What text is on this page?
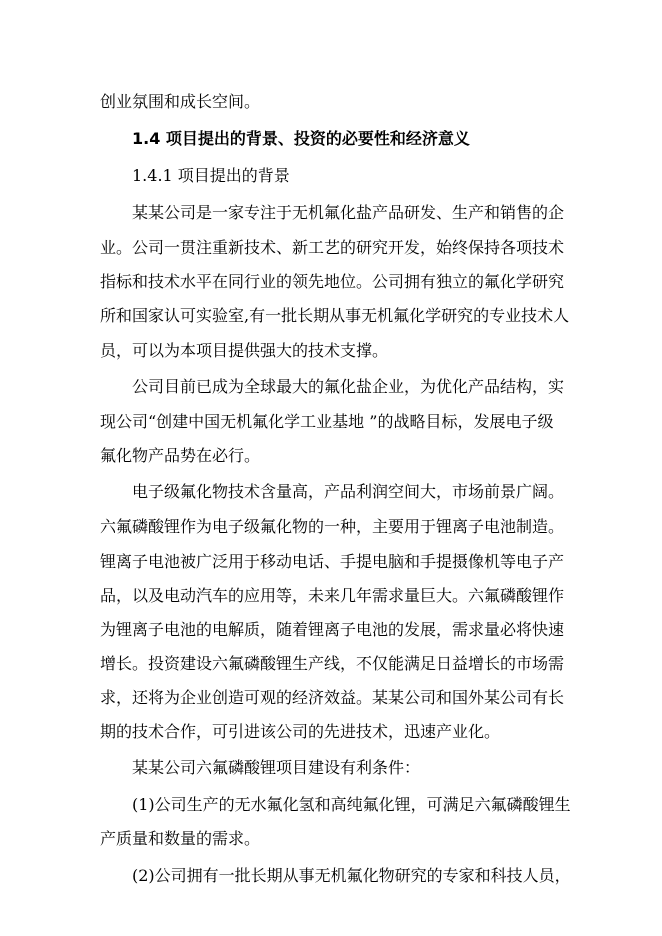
创业氛围和成长空间。
1.4 项目提出的背景、投资的必要性和经济意义
1.4.1 项目提出的背景
某某公司是一家专注于无机氟化盐产品研发、生产和销售的企
业。公司一贯注重新技术、新工艺的研究开发，始终保持各项技术
指标和技术水平在同行业的领先地位。公司拥有独立的氟化学研究
所和国家认可实验室,有一批长期从事无机氟化学研究的专业技术人
员，可以为本项目提供强大的技术支撑。
公司目前已成为全球最大的氟化盐企业，为优化产品结构，实
现公司“创建中国无机氟化学工业基地 ”的战略目标，发展电子级
氟化物产品势在必行。
电子级氟化物技术含量高，产品利润空间大，市场前景广阔。
六氟磷酸锂作为电子级氟化物的一种，主要用于锂离子电池制造。
锂离子电池被广泛用于移动电话、手提电脑和手提摄像机等电子产
品，以及电动汽车的应用等，未来几年需求量巨大。六氟磷酸锂作
为锂离子电池的电解质，随着锂离子电池的发展，需求量必将快速
增长。投资建设六氟磷酸锂生产线，不仅能满足日益增长的市场需
求，还将为企业创造可观的经济效益。某某公司和国外某公司有长
期的技术合作，可引进该公司的先进技术，迅速产业化。
某某公司六氟磷酸锂项目建设有利条件：
(1)公司生产的无水氟化氢和高纯氟化锂，可满足六氟磷酸锂生
产质量和数量的需求。
(2)公司拥有一批长期从事无机氟化物研究的专家和科技人员，
